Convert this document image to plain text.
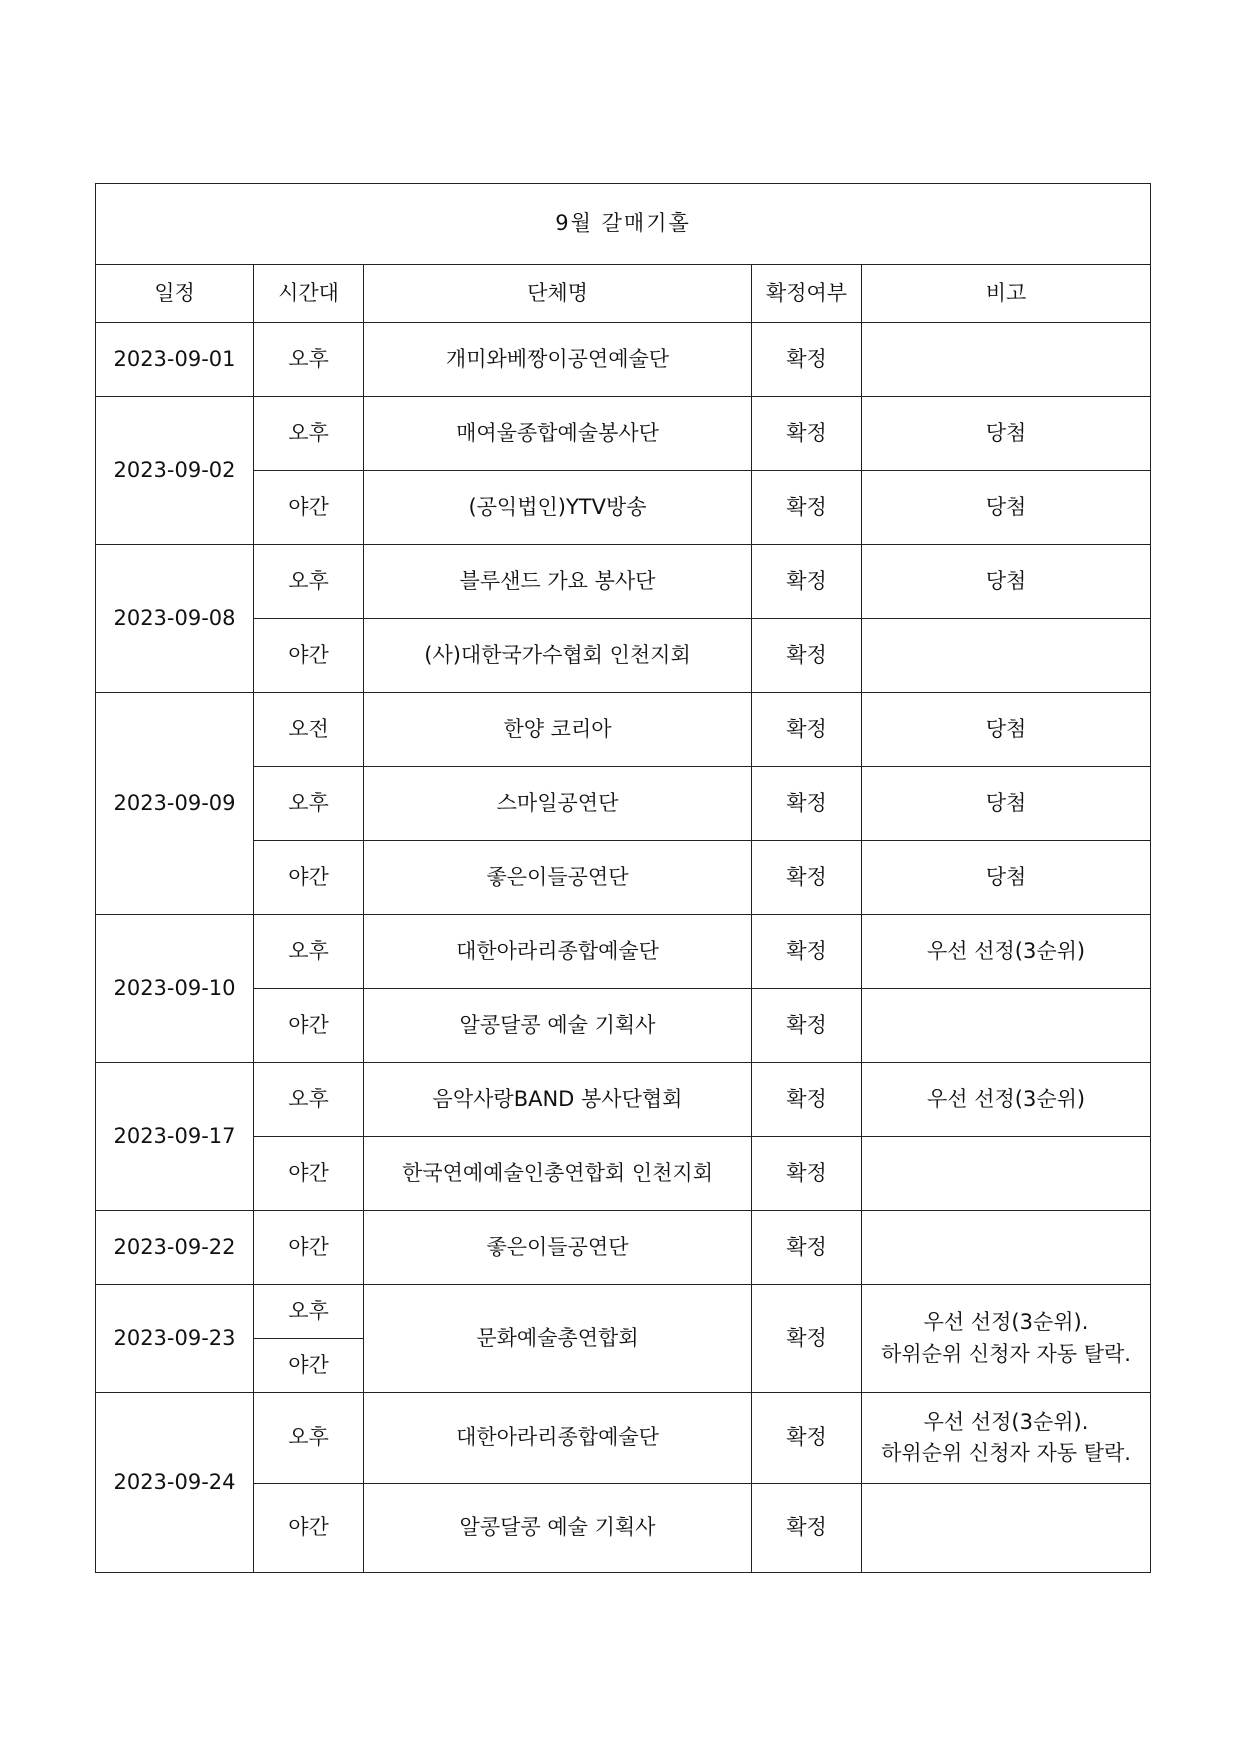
9월 갈매기홀				
일정	시간대	단체명	확정여부	비고
2023-09-01	오후	개미와베짱이공연예술단	확정	
2023-09-02	오후	매여울종합예술봉사단	확정	당첨
	야간	(공익법인)YTV방송	확정	당첨
2023-09-08	오후	블루샌드 가요 봉사단	확정	당첨
	야간	(사)대한국가수협회 인천지회	확정	
2023-09-09	오전	한양 코리아	확정	당첨
	오후	스마일공연단	확정	당첨
	야간	좋은이들공연단	확정	당첨
2023-09-10	오후	대한아라리종합예술단	확정	우선 선정(3순위)
	야간	알콩달콩 예술 기획사	확정	
2023-09-17	오후	음악사랑BAND 봉사단협회	확정	우선 선정(3순위)
	야간	한국연예예술인총연합회 인천지회	확정	
2023-09-22	야간	좋은이들공연단	확정	
2023-09-23	오후	문화예술총연합회	확정	우선 선정(3순위).
하위순위 신청자 자동 탈락.

	야간			
2023-09-24	오후	대한아라리종합예술단	확정	우선 선정(3순위).
하위순위 신청자 자동 탈락.

	야간	알콩달콩 예술 기획사	확정	
